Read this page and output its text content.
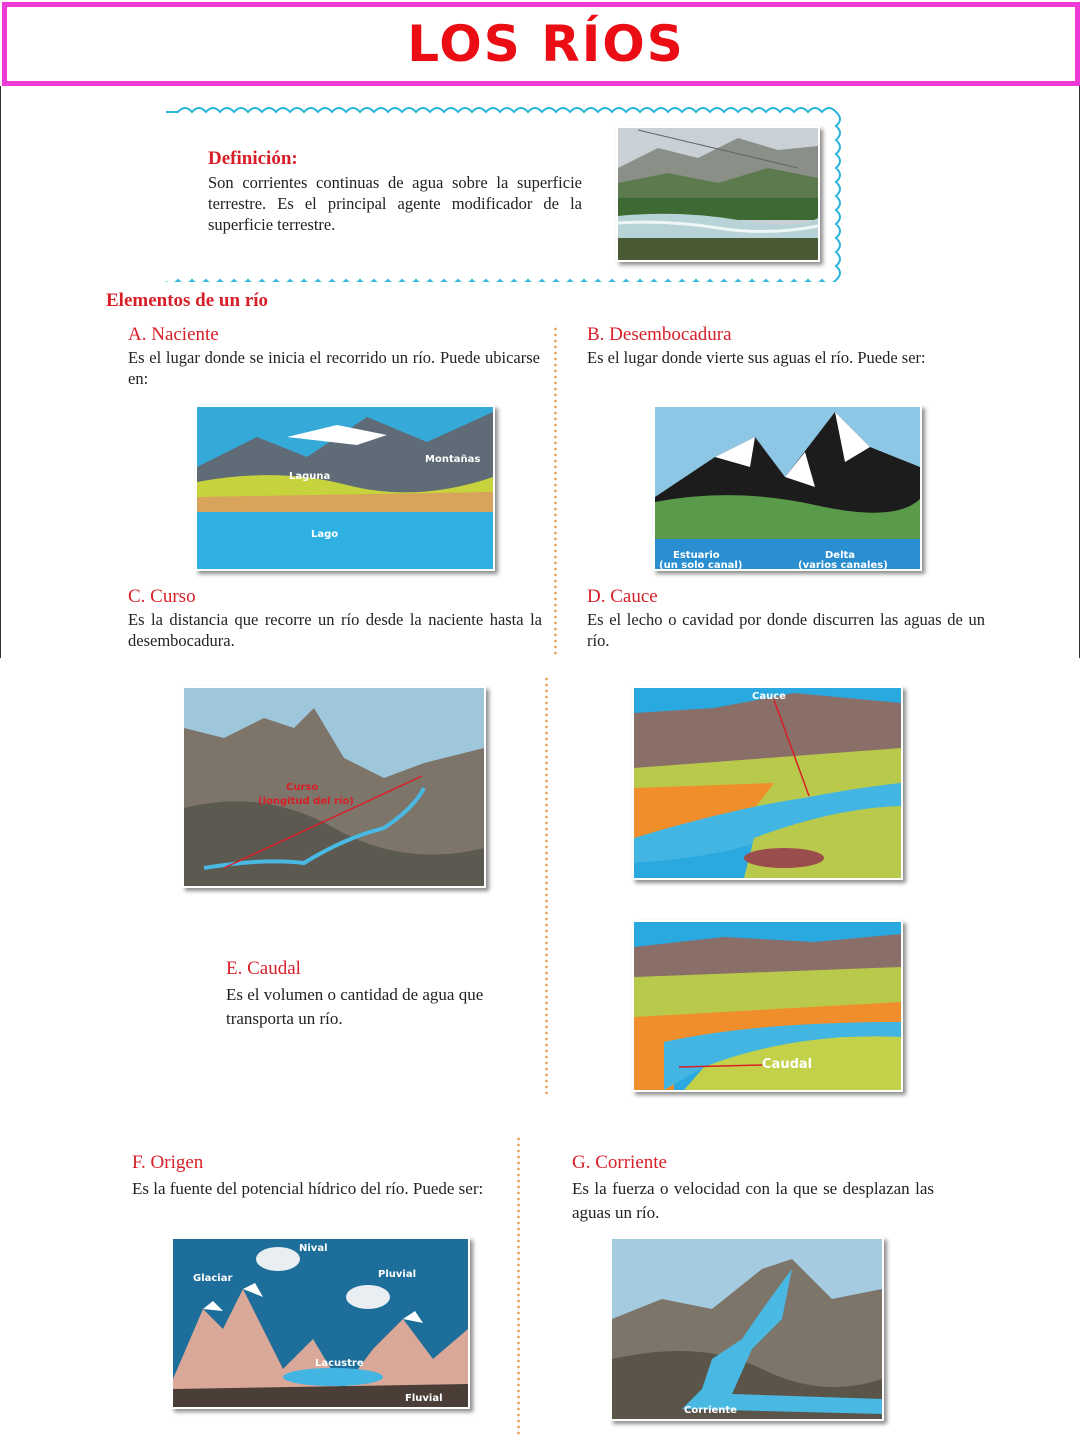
LOS RÍOS
Definición:
Son corrientes continuas de agua sobre la superficie terrestre. Es el principal agente modificador de la superficie terrestre.
Elementos de un río
A. Naciente
Es el lugar donde se inicia el recorrido un río. Puede ubicarse en:
Glaciar
Montañas
Laguna
Lago
B. Desembocadura
Es el lugar donde vierte sus aguas el río. Puede ser:
Estuario
(un solo canal)
Delta
(varios canales)
C. Curso
Es la distancia que recorre un río desde la naciente hasta la desembocadura.
Curso
(longitud del río)
D. Cauce
Es el lecho o cavidad por donde discurren las aguas de un río.
Cauce
E. Caudal
Es el volumen o cantidad de agua que transporta un río.
Caudal
F. Origen
Es la fuente del potencial hídrico del río. Puede ser:
Nival
Glaciar	Pluvial
Lacustre
Fluvial
G. Corriente
Es la fuerza o velocidad con la que se desplazan las aguas un río.
Corriente
